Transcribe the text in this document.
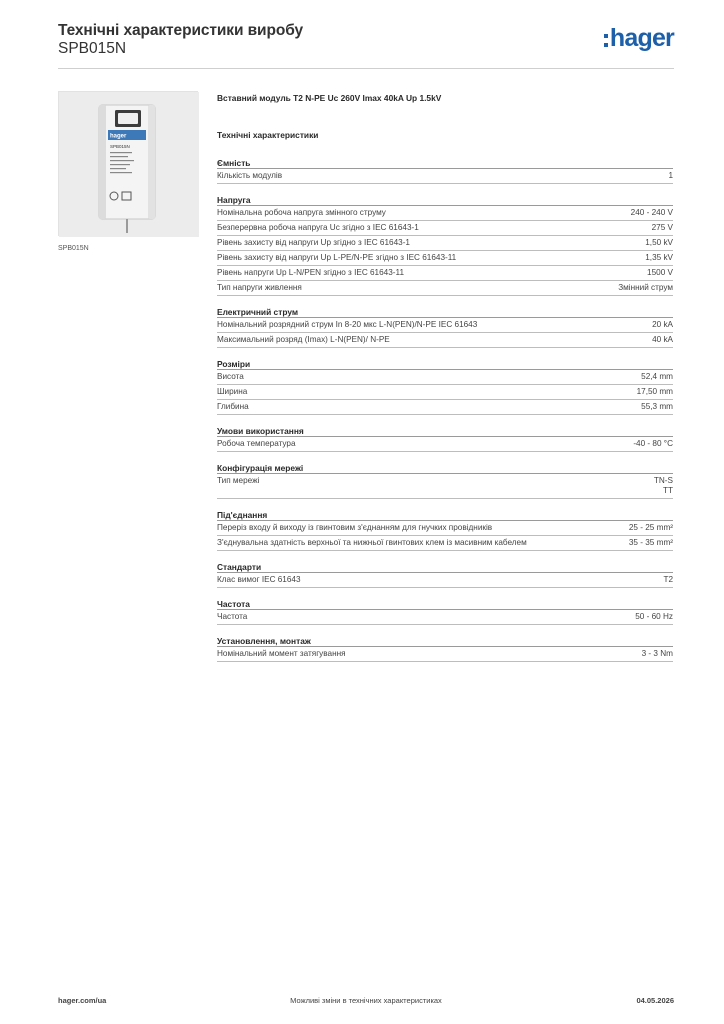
Технічні характеристики виробу
SPB015N	hager
hager
SPB015N
SPB015N
Вставний модуль T2 N-PE Uc 260V Imax 40kA Up 1.5kV
Технічні характеристики
Ємність
Кількість модулів	1
Напруга
Номінальна робоча напруга змінного струму	240 - 240 V
Безперервна робоча напруга Uc згідно з IEC 61643-1	275 V
Рівень захисту від напруги Up згідно з IEC 61643-1	1,50 kV
Рівень захисту від напруги Up L-PE/N-PE згідно з IEC 61643-11	1,35 kV
Рівень напруги Up L-N/PEN згідно з IEC 61643-11	1500 V
Тип напруги живлення	Змінний струм
Електричний струм
Номінальний розрядний струм In 8-20 мкс L-N(PEN)/N-PE IEC 61643	20 kA
Максимальний розряд (Imax) L-N(PEN)/ N-PE	40 kA
Розміри
Висота	52,4 mm
Ширина	17,50 mm
Глибина	55,3 mm
Умови використання
Робоча температура	-40 - 80 °C
Конфігурація мережі
Тип мережі	TN-S
TT
Під'єднання
Переріз входу й виходу із гвинтовим з'єднанням для гнучких провідників	25 - 25 mm²
З'єднувальна здатність верхньої та нижньої гвинтових клем із масивним кабелем	35 - 35 mm²
Стандарти
Клас вимог IEC 61643	T2
Частота
Частота	50 - 60 Hz
Установлення, монтаж
Номінальний момент затягування	3 - 3 Nm
hager.com/ua	Можливі зміни в технічних характеристиках	04.05.2026
